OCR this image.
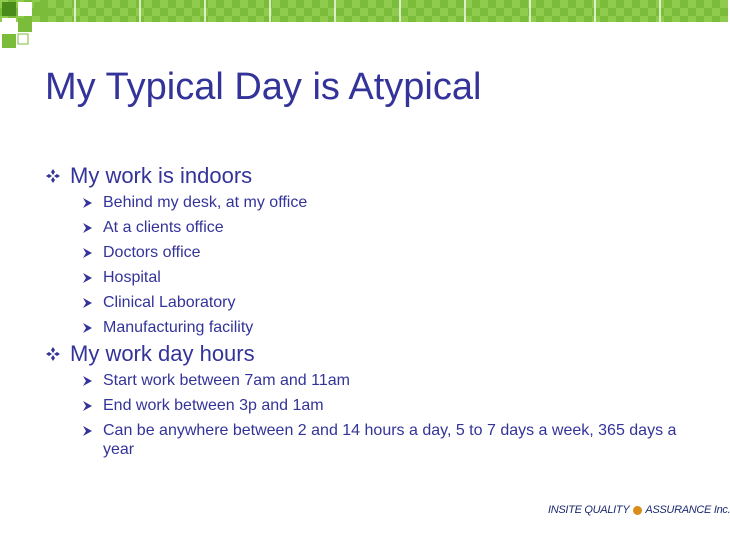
My Typical Day is Atypical
My work is indoors
Behind my desk, at my office
At a clients office
Doctors office
Hospital
Clinical Laboratory
Manufacturing facility
My work day hours
Start work between 7am and 11am
End work between 3p and 1am
Can be anywhere between 2 and 14 hours a day, 5 to 7 days a week, 365 days a year
INSITE QUALITY ASSURANCE Inc.
